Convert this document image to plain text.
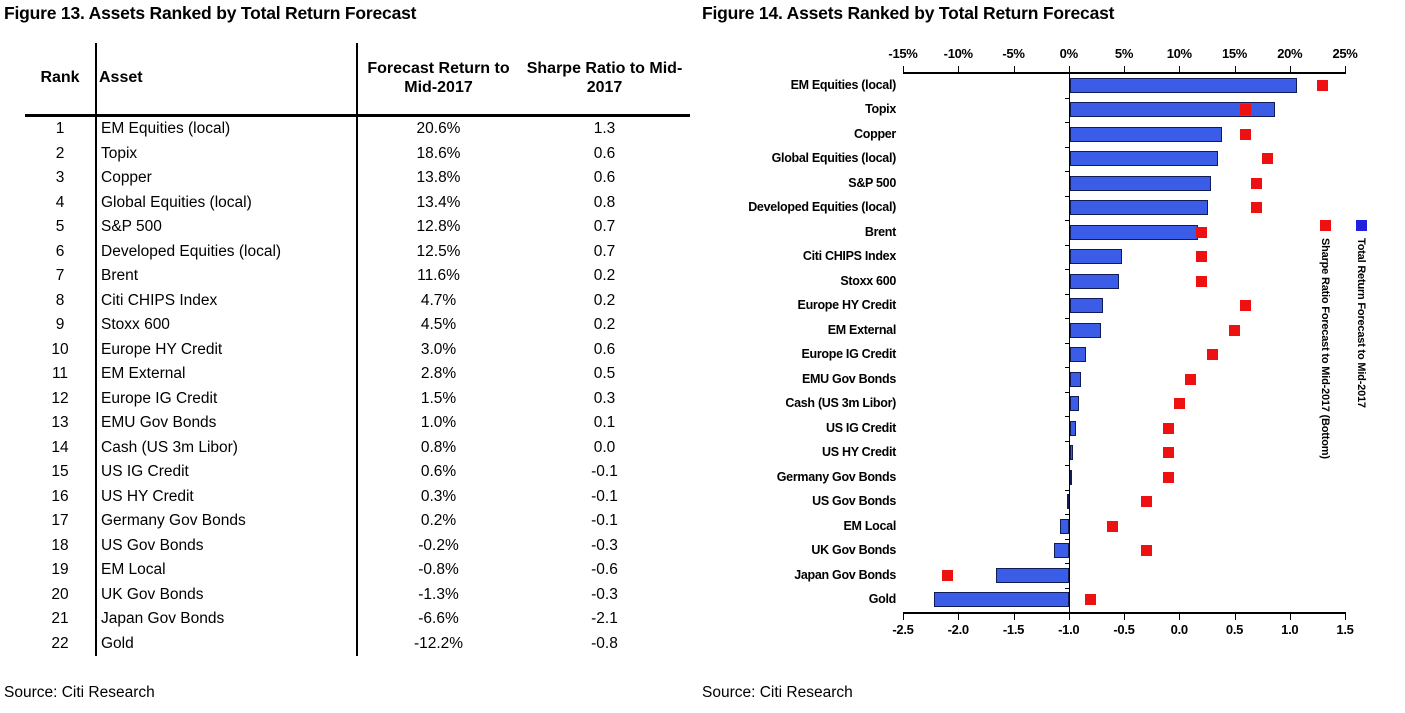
Figure 13. Assets Ranked by Total Return Forecast
Rank	Asset	Forecast Return to Mid-2017	Sharpe Ratio to Mid-2017
1	EM Equities (local)	20.6%	1.3
2	Topix	18.6%	0.6
3	Copper	13.8%	0.6
4	Global Equities (local)	13.4%	0.8
5	S&P 500	12.8%	0.7
6	Developed Equities (local)	12.5%	0.7
7	Brent	11.6%	0.2
8	Citi CHIPS Index	4.7%	0.2
9	Stoxx 600	4.5%	0.2
10	Europe HY Credit	3.0%	0.6
11	EM External	2.8%	0.5
12	Europe IG Credit	1.5%	0.3
13	EMU Gov Bonds	1.0%	0.1
14	Cash (US 3m Libor)	0.8%	0.0
15	US IG Credit	0.6%	-0.1
16	US HY Credit	0.3%	-0.1
17	Germany Gov Bonds	0.2%	-0.1
18	US Gov Bonds	-0.2%	-0.3
19	EM Local	-0.8%	-0.6
20	UK Gov Bonds	-1.3%	-0.3
21	Japan Gov Bonds	-6.6%	-2.1
22	Gold	-12.2%	-0.8
Source: Citi Research
Figure 14. Assets Ranked by Total Return Forecast
-15%	-10%	-5%	0%	5%	10%	15%	20%	25%
-2.5	-2.0	-1.5	-1.0	-0.5	0.0	0.5	1.0	1.5
EM Equities (local)
Topix
Copper
Global Equities (local)
S&P 500
Developed Equities (local)
Brent
Citi CHIPS Index
Stoxx 600
Europe HY Credit
EM External
Europe IG Credit
EMU Gov Bonds
Cash (US 3m Libor)
US IG Credit
US HY Credit
Germany Gov Bonds
US Gov Bonds
EM Local
UK Gov Bonds
Japan Gov Bonds
Gold
Sharpe Ratio Forecast to Mid-2017 (Bottom) Total Return Forecast to Mid-2017
Source: Citi Research
